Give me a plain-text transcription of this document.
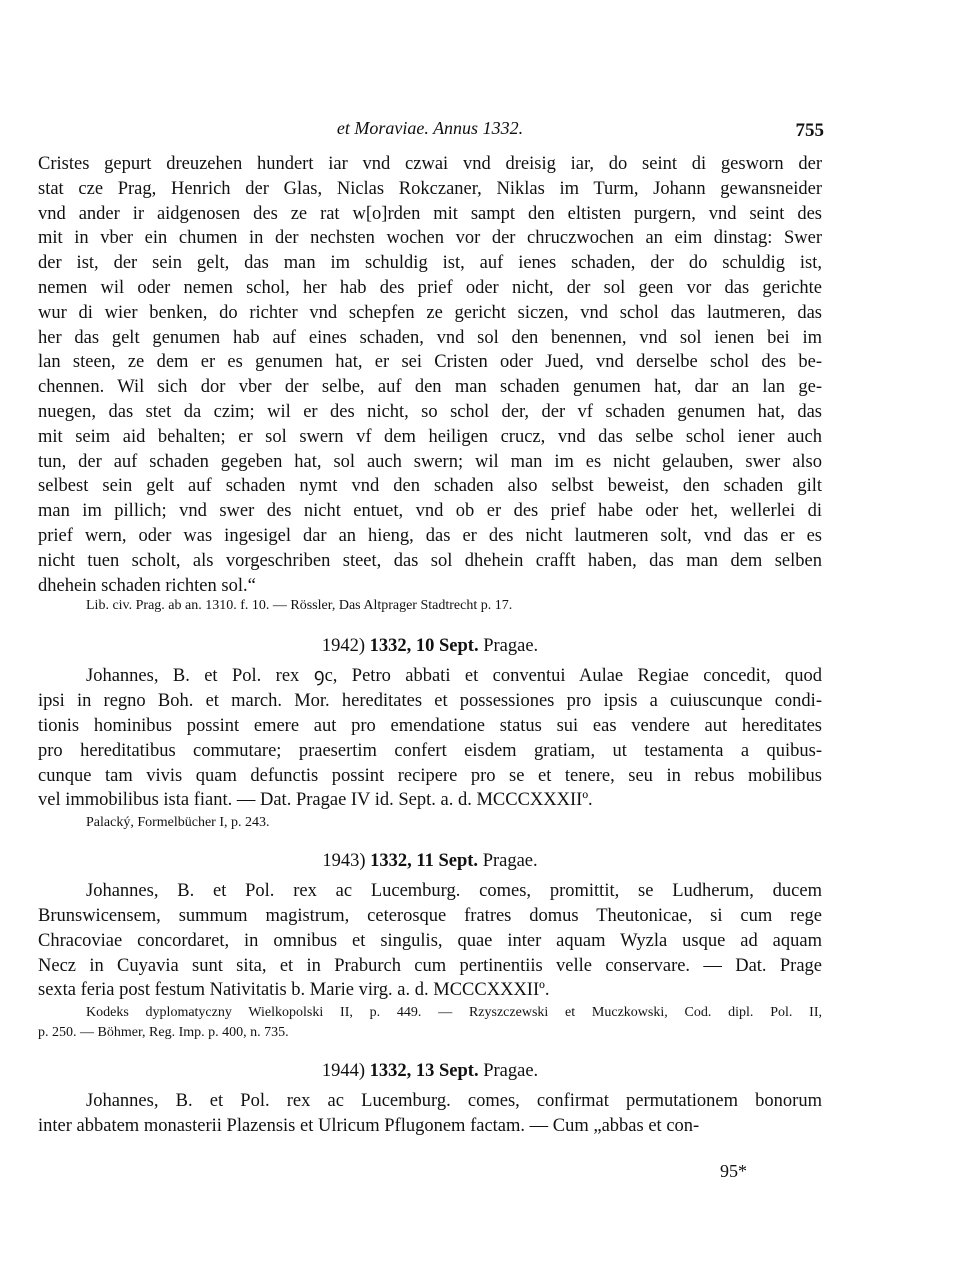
et Moraviae. Annus 1332.	755
Cristes gepurt dreuzehen hundert iar vnd czwai vnd dreisig iar, do seint di gesworn der
stat cze Prag, Henrich der Glas, Niclas Rokczaner, Niklas im Turm, Johann gewansneider
vnd ander ir aidgenosen des ze rat w[o]rden mit sampt den eltisten purgern, vnd seint des
mit in vber ein chumen in der nechsten wochen vor der chruczwochen an eim dinstag: Swer
der ist, der sein gelt, das man im schuldig ist, auf ienes schaden, der do schuldig ist,
nemen wil oder nemen schol, her hab des prief oder nicht, der sol geen vor das gerichte
wur di wier benken, do richter vnd schepfen ze gericht siczen, vnd schol das lautmeren, das
her das gelt genumen hab auf eines schaden, vnd sol den benennen, vnd sol ienen bei im
lan steen, ze dem er es genumen hat, er sei Cristen oder Jued, vnd derselbe schol des be-
chennen. Wil sich dor vber der selbe, auf den man schaden genumen hat, dar an lan ge-
nuegen, das stet da czim; wil er des nicht, so schol der, der vf schaden genumen hat, das
mit seim aid behalten; er sol swern vf dem heiligen crucz, vnd das selbe schol iener auch
tun, der auf schaden gegeben hat, sol auch swern; wil man im es nicht gelauben, swer also
selbest sein gelt auf schaden nymt vnd den schaden also selbst beweist, den schaden gilt
man im pillich; vnd swer des nicht entuet, vnd ob er des prief habe oder het, wellerlei di
prief wern, oder was ingesigel dar an hieng, das er des nicht lautmeren solt, vnd das er es
nicht tuen scholt, als vorgeschriben steet, das sol dhehein crafft haben, das man dem selben
dhehein schaden richten sol.“
Lib. civ. Prag. ab an. 1310. f. 10. — Rössler, Das Altprager Stadtrecht p. 17.
1942) 1332, 10 Sept. Pragae.
Johannes, B. et Pol. rex ꝯc, Petro abbati et conventui Aulae Regiae concedit, quod
ipsi in regno Boh. et march. Mor. hereditates et possessiones pro ipsis a cuiuscunque condi-
tionis hominibus possint emere aut pro emendatione status sui eas vendere aut hereditates
pro hereditatibus commutare; praesertim confert eisdem gratiam, ut testamenta a quibus-
cunque tam vivis quam defunctis possint recipere pro se et tenere, seu in rebus mobilibus
vel immobilibus ista fiant. — Dat. Pragae IV id. Sept. a. d. MCCCXXXIIº.
Palacký, Formelbücher I, p. 243.
1943) 1332, 11 Sept. Pragae.
Johannes, B. et Pol. rex ac Lucemburg. comes, promittit, se Ludherum, ducem
Brunswicensem, summum magistrum, ceterosque fratres domus Theutonicae, si cum rege
Chracoviae concordaret, in omnibus et singulis, quae inter aquam Wyzla usque ad aquam
Necz in Cuyavia sunt sita, et in Praburch cum pertinentiis velle conservare. — Dat. Prage
sexta feria post festum Nativitatis b. Marie virg. a. d. MCCCXXXIIº.
Kodeks dyplomatyczny Wielkopolski II, p. 449. — Rzyszczewski et Muczkowski, Cod. dipl. Pol. II,
p. 250. — Böhmer, Reg. Imp. p. 400, n. 735.
1944) 1332, 13 Sept. Pragae.
Johannes, B. et Pol. rex ac Lucemburg. comes, confirmat permutationem bonorum
inter abbatem monasterii Plazensis et Ulricum Pflugonem factam. — Cum „abbas et con-
95*
